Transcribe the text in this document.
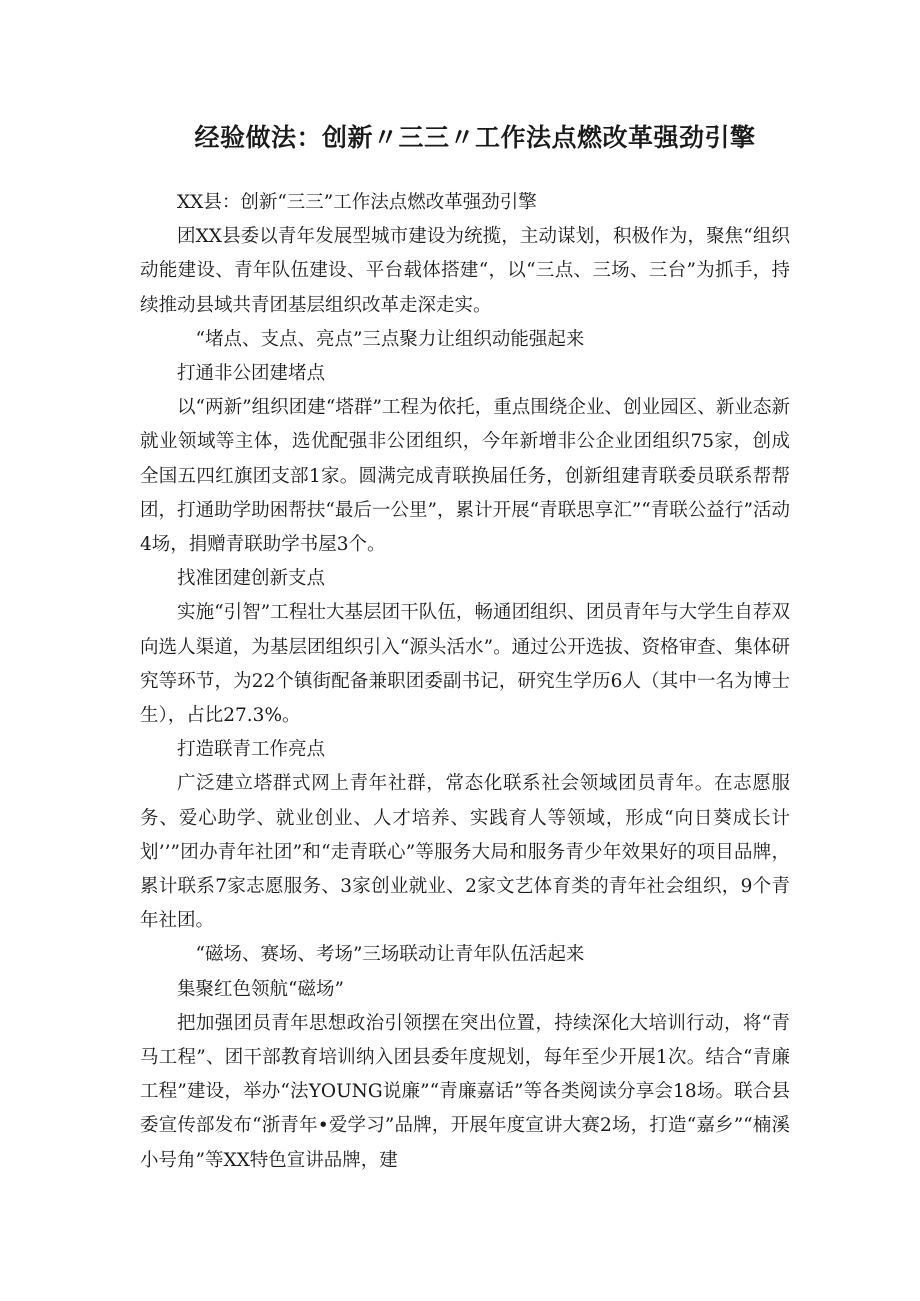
经验做法：创新〃三三〃工作法点燃改革强劲引擎

XX县：创新“三三”工作法点燃改革强劲引擎

团XX县委以青年发展型城市建设为统揽，主动谋划，积极作为，聚焦“组织动能建设、青年队伍建设、平台载体搭建“，以“三点、三场、三台”为抓手，持续推动县域共青团基层组织改革走深走实。

“堵点、支点、亮点”三点聚力让组织动能强起来

打通非公团建堵点

以“两新”组织团建“塔群”工程为依托，重点围绕企业、创业园区、新业态新就业领域等主体，选优配强非公团组织，今年新增非公企业团组织75家，创成全国五四红旗团支部1家。圆满完成青联换届任务，创新组建青联委员联系帮帮团，打通助学助困帮扶“最后一公里”，累计开展“青联思享汇”“青联公益行”活动4场，捐赠青联助学书屋3个。

找准团建创新支点

实施“引智”工程壮大基层团干队伍，畅通团组织、团员青年与大学生自荐双向选人渠道，为基层团组织引入“源头活水”。通过公开选拔、资格审查、集体研究等环节，为22个镇街配备兼职团委副书记，研究生学历6人（其中一名为博士生），占比27.3%。

打造联青工作亮点

广泛建立塔群式网上青年社群，常态化联系社会领域团员青年。在志愿服务、爱心助学、就业创业、人才培养、实践育人等领域，形成“向日葵成长计划’’”团办青年社团”和“走青联心”等服务大局和服务青少年效果好的项目品牌，累计联系7家志愿服务、3家创业就业、2家文艺体育类的青年社会组织，9个青年社团。

“磁场、赛场、考场”三场联动让青年队伍活起来

集聚红色领航“磁场”

把加强团员青年思想政治引领摆在突出位置，持续深化大培训行动，将“青马工程”、团干部教育培训纳入团县委年度规划，每年至少开展1次。结合“青廉工程”建设，举办“法YOUNG说廉”“青廉嘉话”等各类阅读分享会18场。联合县委宣传部发布“浙青年•爱学习”品牌，开展年度宣讲大赛2场，打造“嘉乡”“楠溪小号角”等XX特色宣讲品牌，建
